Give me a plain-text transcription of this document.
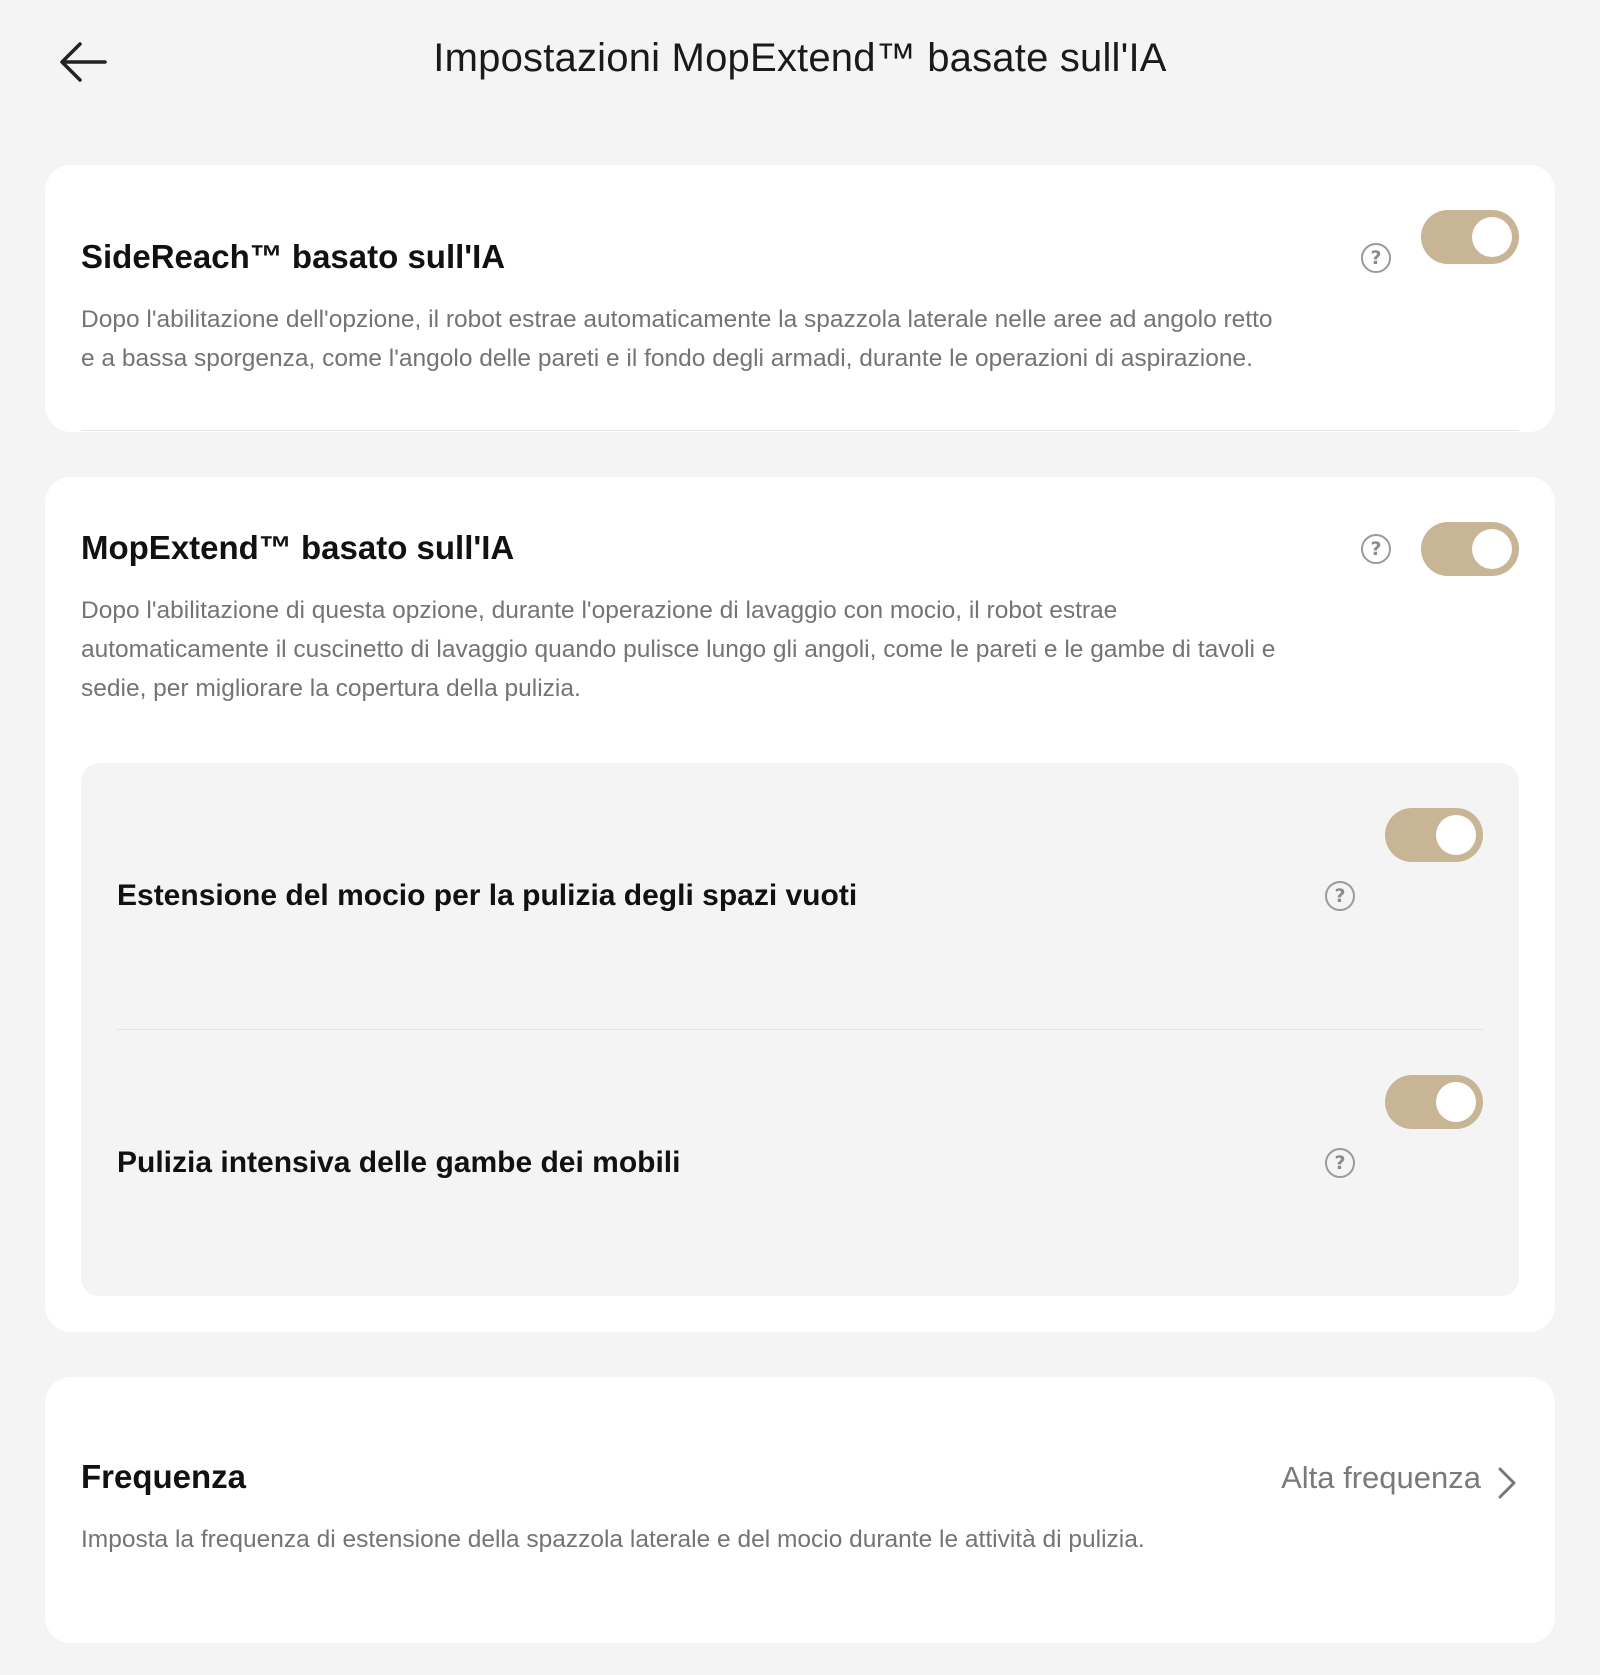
Impostazioni MopExtend™ basate sull'IA
SideReach™ basato sull'IA	?
Dopo l'abilitazione dell'opzione, il robot estrae automaticamente la spazzola laterale nelle aree ad angolo retto
e a bassa sporgenza, come l'angolo delle pareti e il fondo degli armadi, durante le operazioni di aspirazione.
MopExtend™ basato sull'IA	?
Dopo l'abilitazione di questa opzione, durante l'operazione di lavaggio con mocio, il robot estrae
automaticamente il cuscinetto di lavaggio quando pulisce lungo gli angoli, come le pareti e le gambe di tavoli e
sedie, per migliorare la copertura della pulizia.
Estensione del mocio per la pulizia degli spazi vuoti	?
Pulizia intensiva delle gambe dei mobili	?
Frequenza	Alta frequenza
Imposta la frequenza di estensione della spazzola laterale e del mocio durante le attività di pulizia.
